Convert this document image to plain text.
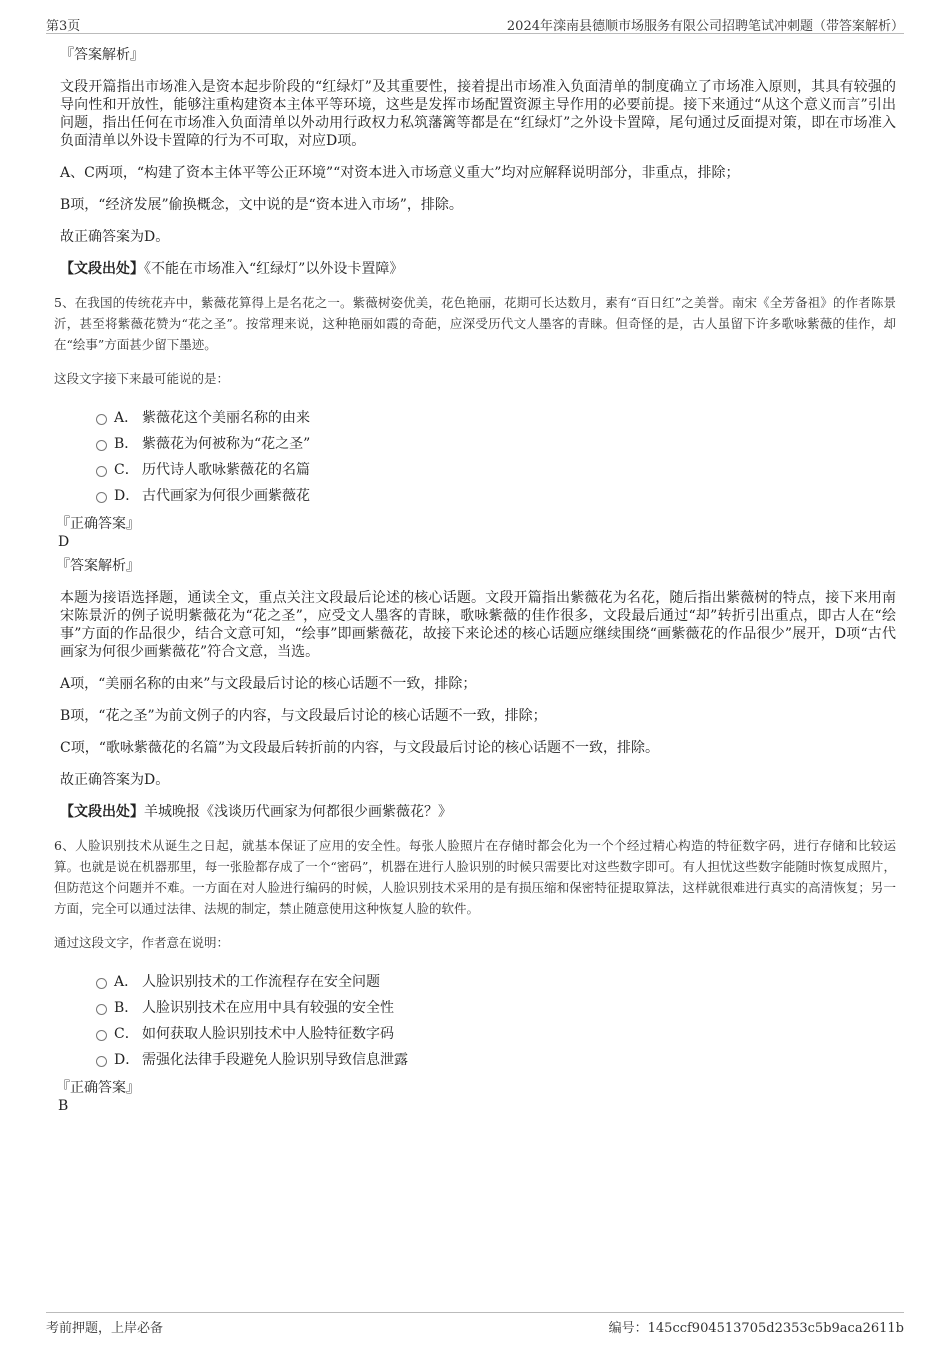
第3页	2024年滦南县德顺市场服务有限公司招聘笔试冲刺题（带答案解析）
『答案解析』
文段开篇指出市场准入是资本起步阶段的“红绿灯”及其重要性，接着提出市场准入负面清单的制度确立了市场准入原则，其具有较强的导向性和开放性，能够注重构建资本主体平等环境，这些是发挥市场配置资源主导作用的必要前提。接下来通过“从这个意义而言”引出问题，指出任何在市场准入负面清单以外动用行政权力私筑藩篱等都是在“红绿灯”之外设卡置障，尾句通过反面提对策，即在市场准入负面清单以外设卡置障的行为不可取，对应D项。
A、C两项，“构建了资本主体平等公正环境”“对资本进入市场意义重大”均对应解释说明部分，非重点，排除；
B项，“经济发展”偷换概念，文中说的是“资本进入市场”，排除。
故正确答案为D。
【文段出处】《不能在市场准入“红绿灯”以外设卡置障》
5、在我国的传统花卉中，紫薇花算得上是名花之一。紫薇树姿优美，花色艳丽，花期可长达数月，素有“百日红”之美誉。南宋《全芳备祖》的作者陈景沂，甚至将紫薇花赞为“花之圣”。按常理来说，这种艳丽如霞的奇葩，应深受历代文人墨客的青睐。但奇怪的是，古人虽留下许多歌咏紫薇的佳作，却在“绘事”方面甚少留下墨迹。
这段文字接下来最可能说的是：
A． 紫薇花这个美丽名称的由来
B． 紫薇花为何被称为“花之圣”
C． 历代诗人歌咏紫薇花的名篇
D． 古代画家为何很少画紫薇花
『正确答案』
D
『答案解析』
本题为接语选择题，通读全文，重点关注文段最后论述的核心话题。文段开篇指出紫薇花为名花，随后指出紫薇树的特点，接下来用南宋陈景沂的例子说明紫薇花为“花之圣”，应受文人墨客的青睐，歌咏紫薇的佳作很多，文段最后通过“却”转折引出重点，即古人在“绘事”方面的作品很少，结合文意可知，“绘事”即画紫薇花，故接下来论述的核心话题应继续围绕“画紫薇花的作品很少”展开，D项“古代画家为何很少画紫薇花”符合文意，当选。
A项，“美丽名称的由来”与文段最后讨论的核心话题不一致，排除；
B项，“花之圣”为前文例子的内容，与文段最后讨论的核心话题不一致，排除；
C项，“歌咏紫薇花的名篇”为文段最后转折前的内容，与文段最后讨论的核心话题不一致，排除。
故正确答案为D。
【文段出处】羊城晚报《浅谈历代画家为何都很少画紫薇花？》
6、人脸识别技术从诞生之日起，就基本保证了应用的安全性。每张人脸照片在存储时都会化为一个个经过精心构造的特征数字码，进行存储和比较运算。也就是说在机器那里，每一张脸都存成了一个“密码”，机器在进行人脸识别的时候只需要比对这些数字即可。有人担忧这些数字能随时恢复成照片，但防范这个问题并不难。一方面在对人脸进行编码的时候，人脸识别技术采用的是有损压缩和保密特征提取算法，这样就很难进行真实的高清恢复；另一方面，完全可以通过法律、法规的制定，禁止随意使用这种恢复人脸的软件。
通过这段文字，作者意在说明：
A． 人脸识别技术的工作流程存在安全问题
B． 人脸识别技术在应用中具有较强的安全性
C． 如何获取人脸识别技术中人脸特征数字码
D． 需强化法律手段避免人脸识别导致信息泄露
『正确答案』
B
考前押题，上岸必备	编号：145ccf904513705d2353c5b9aca2611b
